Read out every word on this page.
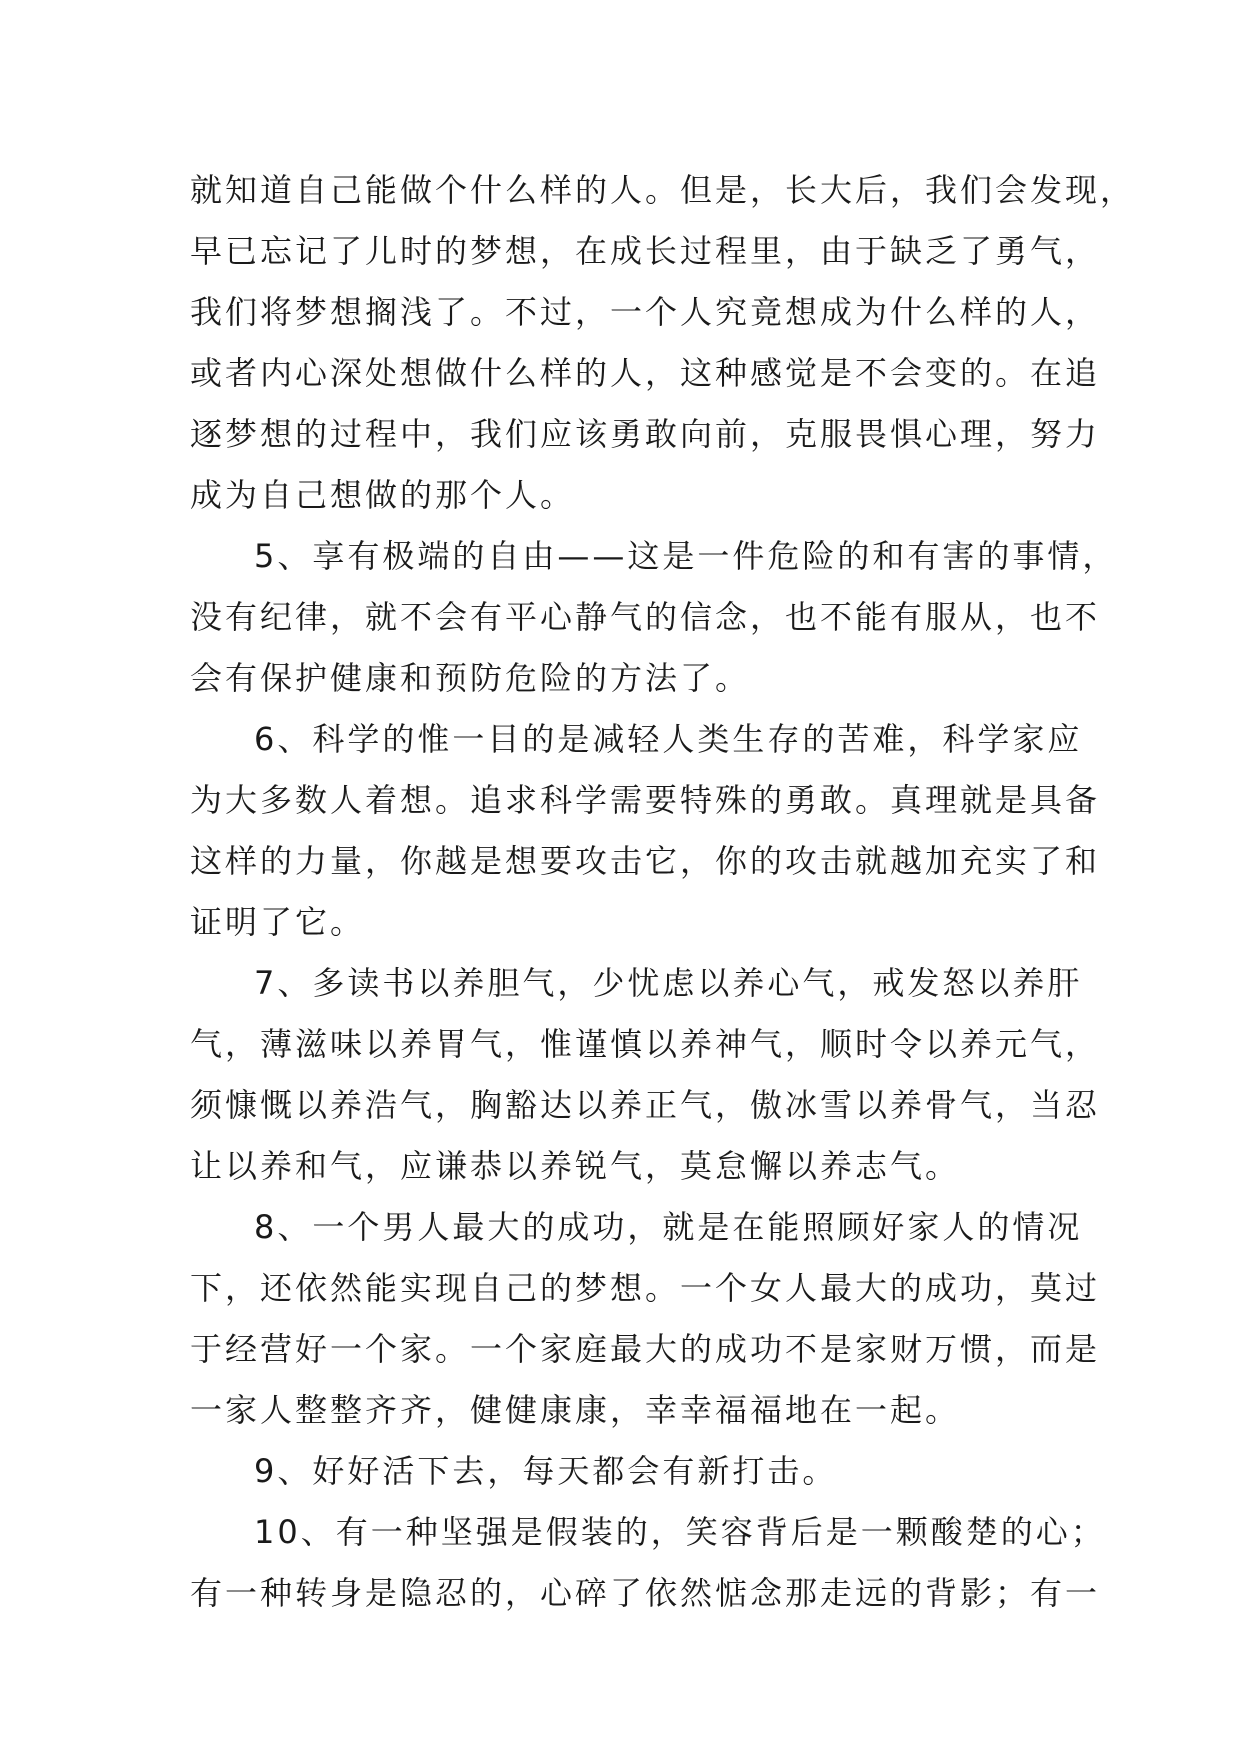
就知道自己能做个什么样的人。但是，长大后，我们会发现，
早已忘记了儿时的梦想，在成长过程里，由于缺乏了勇气，
我们将梦想搁浅了。不过，一个人究竟想成为什么样的人，
或者内心深处想做什么样的人，这种感觉是不会变的。在追
逐梦想的过程中，我们应该勇敢向前，克服畏惧心理，努力
成为自己想做的那个人。
5、享有极端的自由——这是一件危险的和有害的事情，
没有纪律，就不会有平心静气的信念，也不能有服从，也不
会有保护健康和预防危险的方法了。
6、科学的惟一目的是减轻人类生存的苦难，科学家应
为大多数人着想。追求科学需要特殊的勇敢。真理就是具备
这样的力量，你越是想要攻击它，你的攻击就越加充实了和
证明了它。
7、多读书以养胆气，少忧虑以养心气，戒发怒以养肝
气，薄滋味以养胃气，惟谨慎以养神气，顺时令以养元气，
须慷慨以养浩气，胸豁达以养正气，傲冰雪以养骨气，当忍
让以养和气，应谦恭以养锐气，莫怠懈以养志气。
8、一个男人最大的成功，就是在能照顾好家人的情况
下，还依然能实现自己的梦想。一个女人最大的成功，莫过
于经营好一个家。一个家庭最大的成功不是家财万惯，而是
一家人整整齐齐，健健康康，幸幸福福地在一起。
9、好好活下去，每天都会有新打击。
10、有一种坚强是假装的，笑容背后是一颗酸楚的心；
有一种转身是隐忍的，心碎了依然惦念那走远的背影；有一
